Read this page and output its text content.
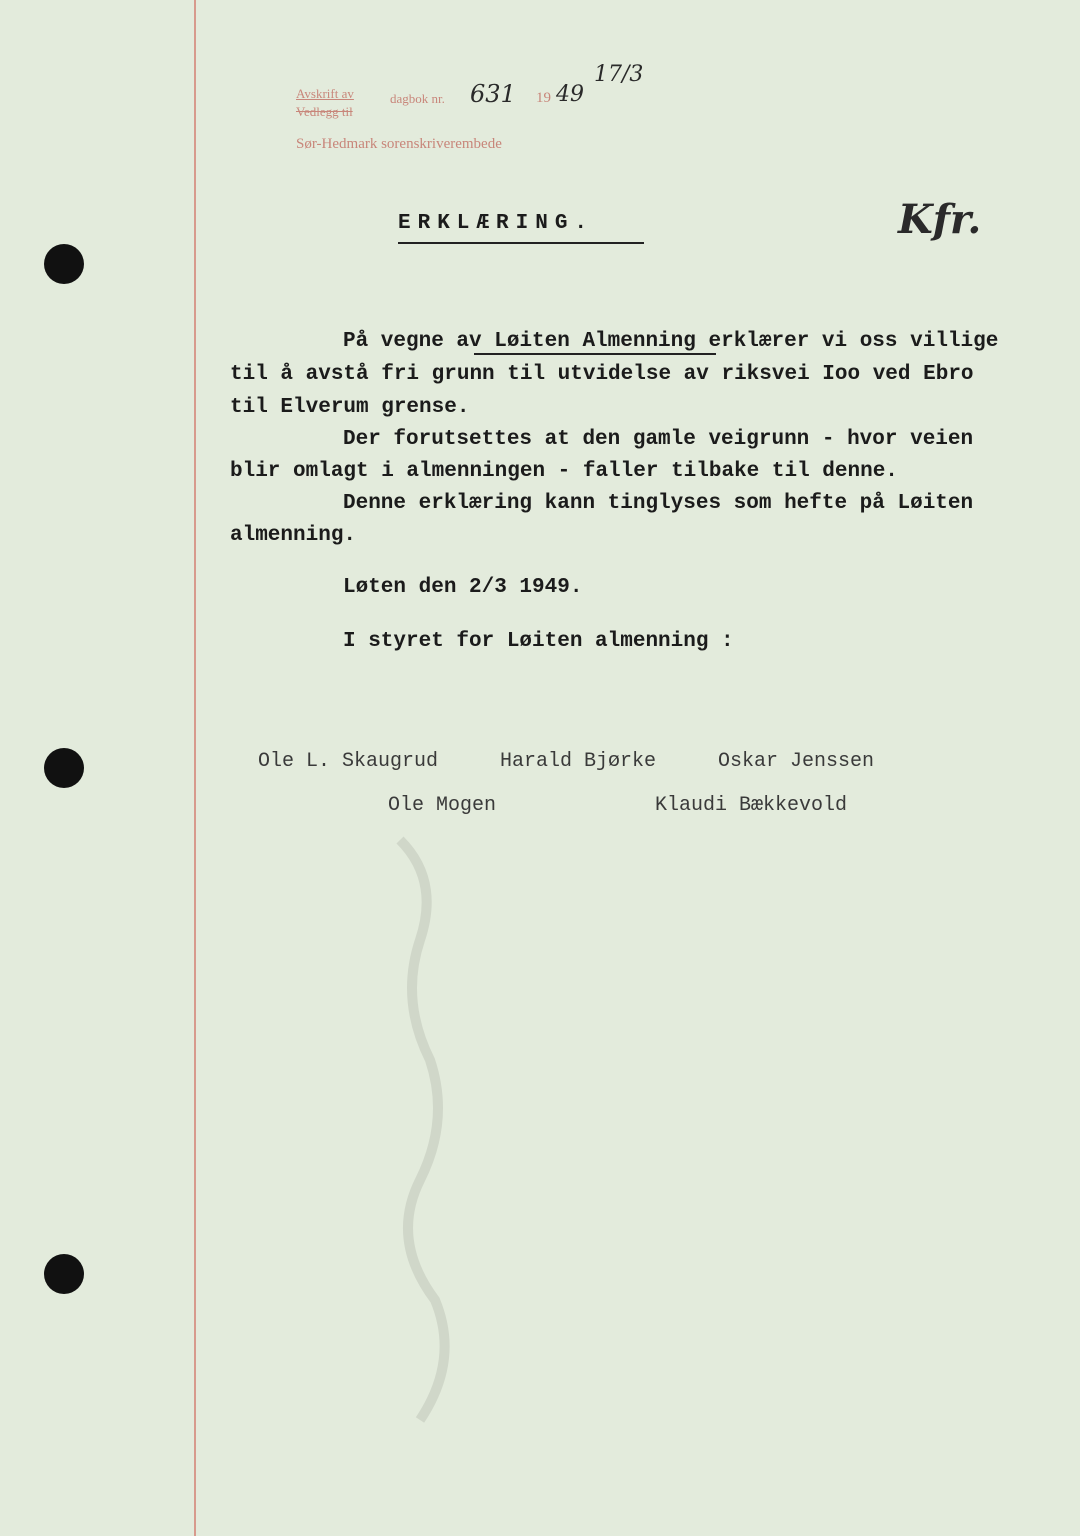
Avskrift av
Vedlegg til
dagbok nr. 631 19 49
17/3
Sør-Hedmark sorenskriverembede
Kfr.
ERKLÆRING.
På vegne av Løiten Almenning erklærer vi oss villige
til å avstå fri grunn til utvidelse av riksvei Ioo ved Ebro
til Elverum grense.
Der forutsettes at den gamle veigrunn - hvor veien
blir omlagt i almenningen - faller tilbake til denne.
Denne erklæring kann tinglyses som hefte på Løiten
almenning.
Løten den 2/3 1949.
I styret for Løiten almenning :
Ole L. Skaugrud	Harald Bjørke	Oskar Jenssen
Ole Mogen	Klaudi Bækkevold
